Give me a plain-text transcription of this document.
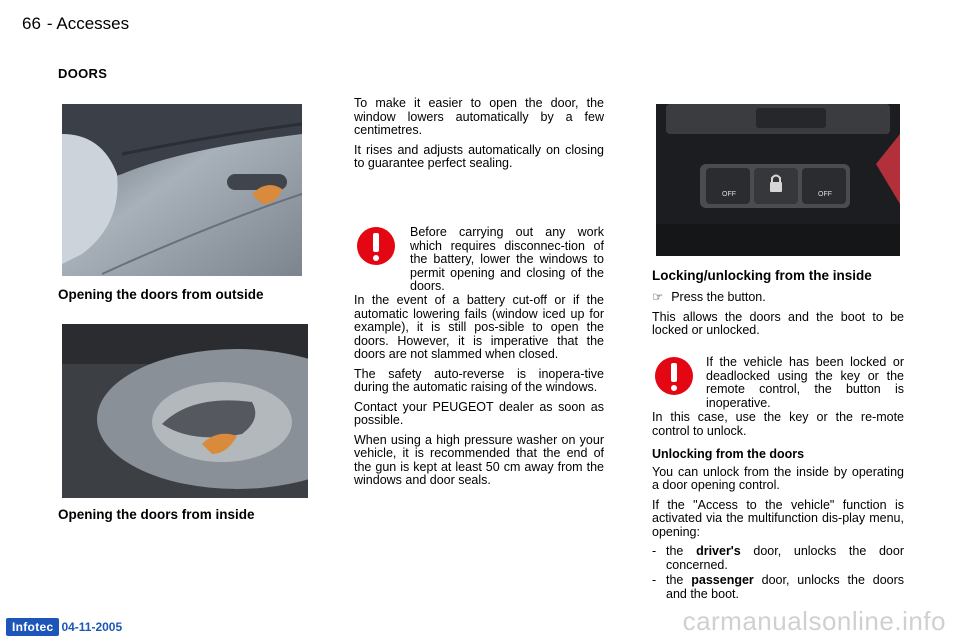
66 - Accesses
DOORS
Opening the doors from outside
Opening the doors from inside

To make it easier to open the door, the window lowers automatically by a few centimetres.

It rises and adjusts automatically on closing to guarantee perfect sealing.

Before carrying out any work which requires disconnec-tion of the battery, lower the windows to permit opening and closing of the doors.

In the event of a battery cut-off or if the automatic lowering fails (window iced up for example), it is still pos-sible to open the doors. However, it is imperative that the doors are not slammed when closed.

The safety auto-reverse is inopera-tive during the automatic raising of the windows.

Contact your PEUGEOT dealer as soon as possible.

When using a high pressure washer on your vehicle, it is recommended that the end of the gun is kept at least 50 cm away from the windows and door seals.

OFF	OFF
Locking/unlocking from the inside
☞ Press the button.

This allows the doors and the boot to be locked or unlocked.

If the vehicle has been locked or deadlocked using the key or the remote control, the button is inoperative.

In this case, use the key or the re-mote control to unlock.

Unlocking from the doors

You can unlock from the inside by operating a door opening control.

If the "Access to the vehicle" function is activated via the multifunction dis-play menu, opening:

- the driver's door, unlocks the door concerned.
- the passenger door, unlocks the doors and the boot.
Infotec 04-11-2005	carmanualsonline.info
